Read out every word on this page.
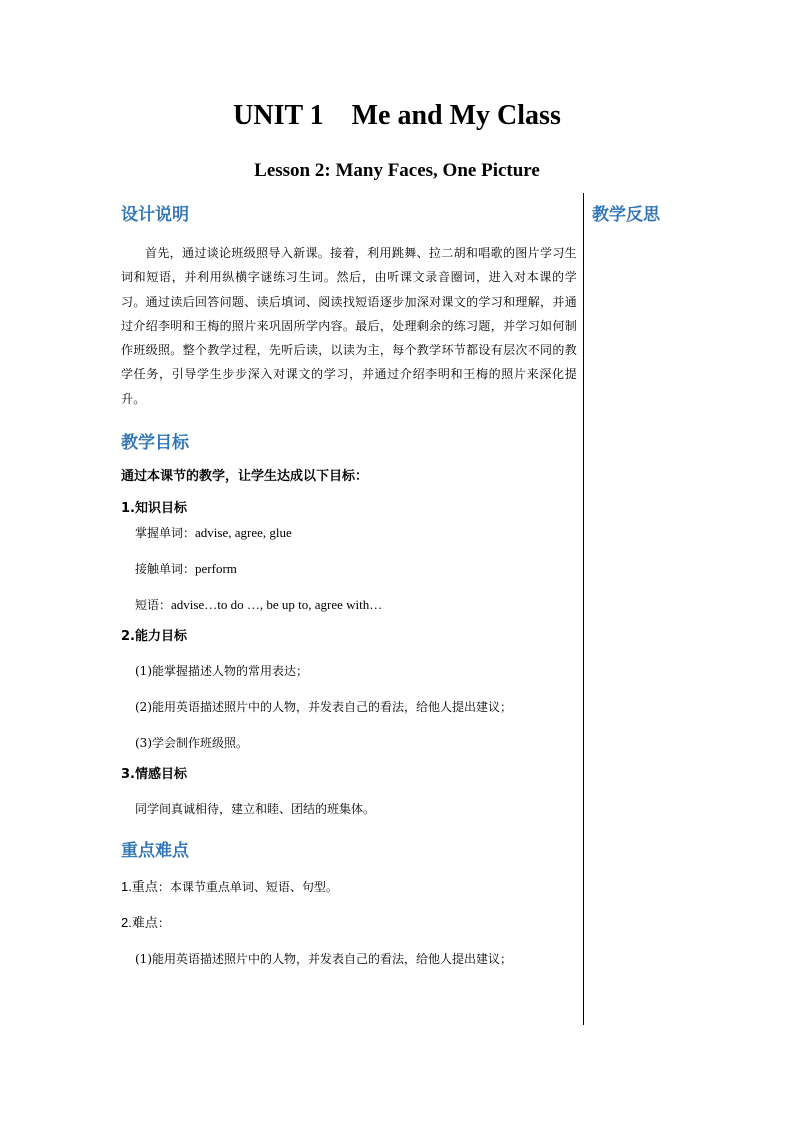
UNIT 1    Me and My Class
Lesson 2: Many Faces, One Picture
教学反思
设计说明

首先，通过谈论班级照导入新课。接着，利用跳舞、拉二胡和唱歌的图片学习生词和短语，并利用纵横字谜练习生词。然后，由听课文录音圈词，进入对本课的学习。通过读后回答问题、读后填词、阅读找短语逐步加深对课文的学习和理解，并通过介绍李明和王梅的照片来巩固所学内容。最后，处理剩余的练习题，并学习如何制作班级照。整个教学过程，先听后读，以读为主，每个教学环节都设有层次不同的教学任务，引导学生步步深入对课文的学习，并通过介绍李明和王梅的照片来深化提升。

教学目标

通过本课节的教学，让学生达成以下目标：

1.知识目标
掌握单词：advise, agree, glue
接触单词：perform
短语：advise…to do …, be up to, agree with…
2.能力目标
(1)能掌握描述人物的常用表达；
(2)能用英语描述照片中的人物，并发表自己的看法，给他人提出建议；
(3)学会制作班级照。
3.情感目标
同学间真诚相待，建立和睦、团结的班集体。
重点难点
1.重点：本课节重点单词、短语、句型。
2.难点：
(1)能用英语描述照片中的人物，并发表自己的看法，给他人提出建议；
